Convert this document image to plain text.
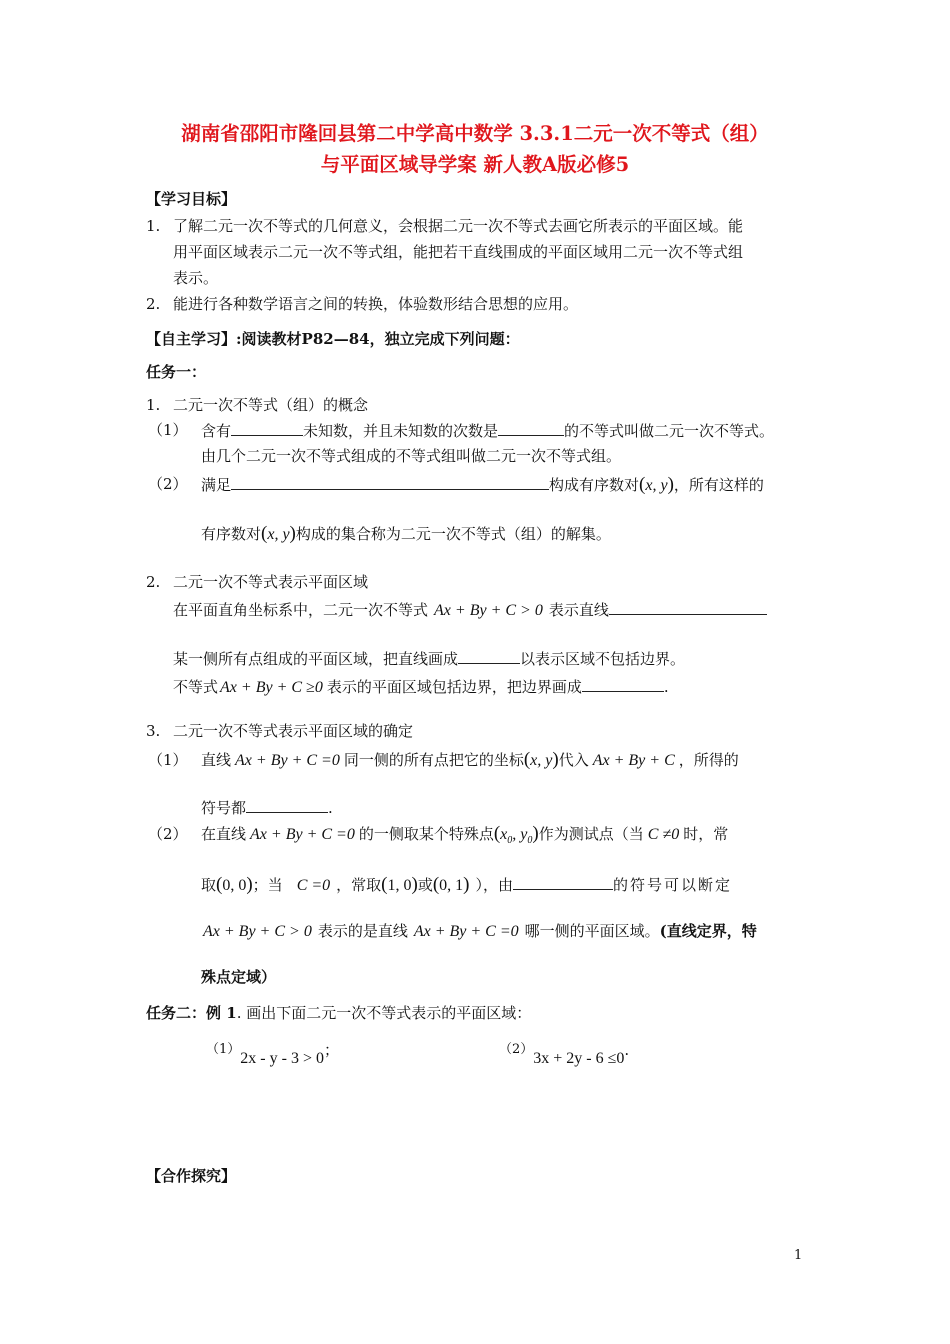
湖南省邵阳市隆回县第二中学高中数学 3.3.1二元一次不等式（组）
与平面区域导学案 新人教A版必修5
【学习目标】
1. 了解二元一次不等式的几何意义，会根据二元一次不等式去画它所表示的平面区域。能
用平面区域表示二元一次不等式组，能把若干直线围成的平面区域用二元一次不等式组
表示。
2. 能进行各种数学语言之间的转换，体验数形结合思想的应用。
【自主学习】:阅读教材P82—84，独立完成下列问题：
任务一：
1. 二元一次不等式（组）的概念
（1） 含有	未知数，并且未知数的次数是	的不等式叫做二元一次不等式。
由几个二元一次不等式组成的不等式组叫做二元一次不等式组。
（2） 满足	构成有序数对(x, y)，所有这样的
有序数对(x, y)构成的集合称为二元一次不等式（组）的解集。
2. 二元一次不等式表示平面区域
在平面直角坐标系中，二元一次不等式 Ax + By + C > 0 表示直线
某一侧所有点组成的平面区域，把直线画成	以表示区域不包括边界。
不等式 Ax + By + C ≥0 表示的平面区域包括边界，把边界画成	.
3. 二元一次不等式表示平面区域的确定
（1） 直线 Ax + By + C =0 同一侧的所有点把它的坐标(x, y)代入 Ax + By + C ，所得的
符号都	.
（2） 在直线 Ax + By + C =0 的一侧取某个特殊点($x_0$, $y_0$)作为测试点（当 C ≠0 时，常
取(0, 0)；当 C =0 ，常取(1, 0)或(0, 1) ），由	的符号可以断定
Ax + By + C > 0 表示的是直线 Ax + By + C =0 哪一侧的平面区域。(直线定界，特
殊点定域）
任务二：例 1. 画出下面二元一次不等式表示的平面区域：
（1）2x - y - 3 > 0；	（2）3x + 2y - 6 ≤0.
【合作探究】
1
